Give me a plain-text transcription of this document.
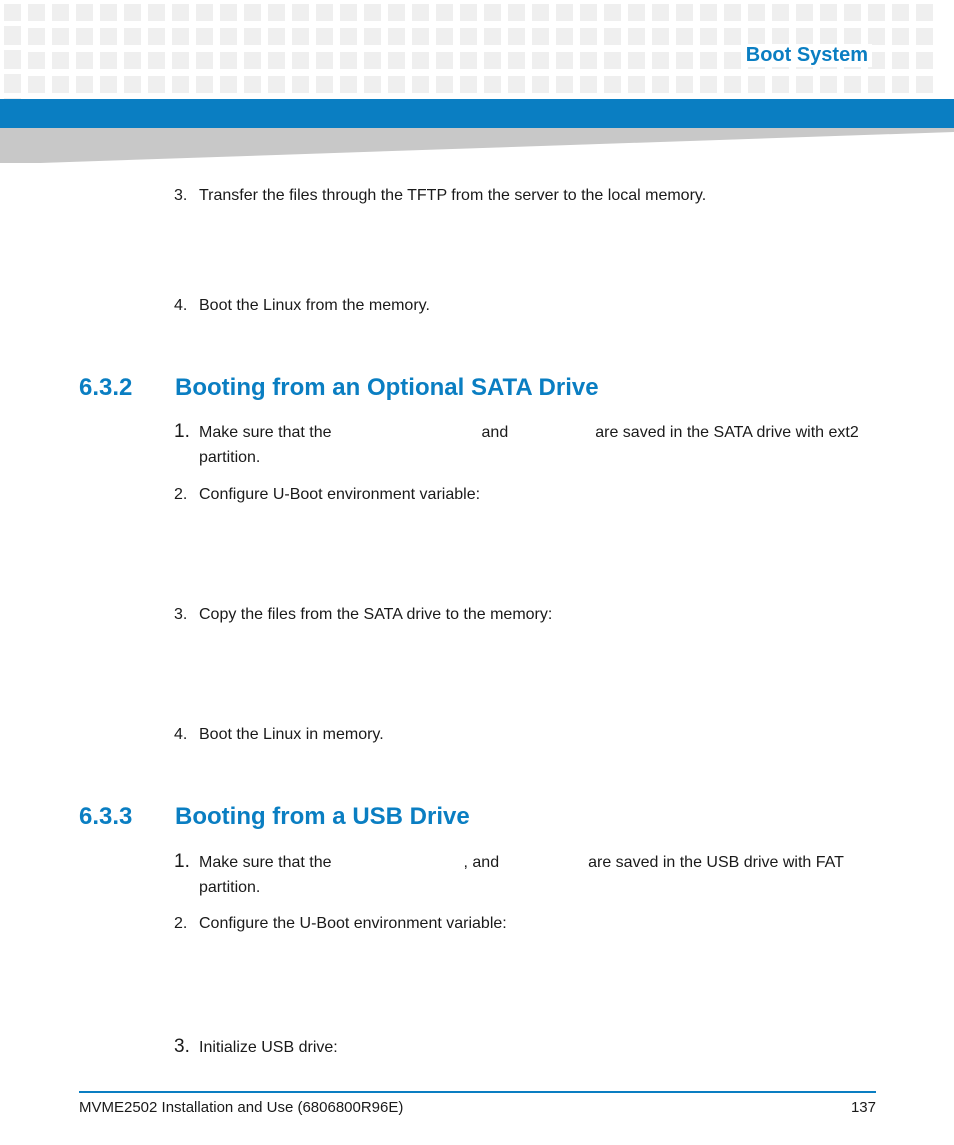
Boot System
3. Transfer the files through the TFTP from the server to the local memory.
4. Boot the Linux from the memory.
6.3.2 Booting from an Optional SATA Drive
1. Make sure that the	and	are saved in the SATA drive with ext2
partition.
2. Configure U-Boot environment variable:
3. Copy the files from the SATA drive to the memory:
4. Boot the Linux in memory.
6.3.3 Booting from a USB Drive
1. Make sure that the	, and	are saved in the USB drive with FAT
partition.
2. Configure the U-Boot environment variable:
3. Initialize USB drive:
MVME2502 Installation and Use (6806800R96E)	137
